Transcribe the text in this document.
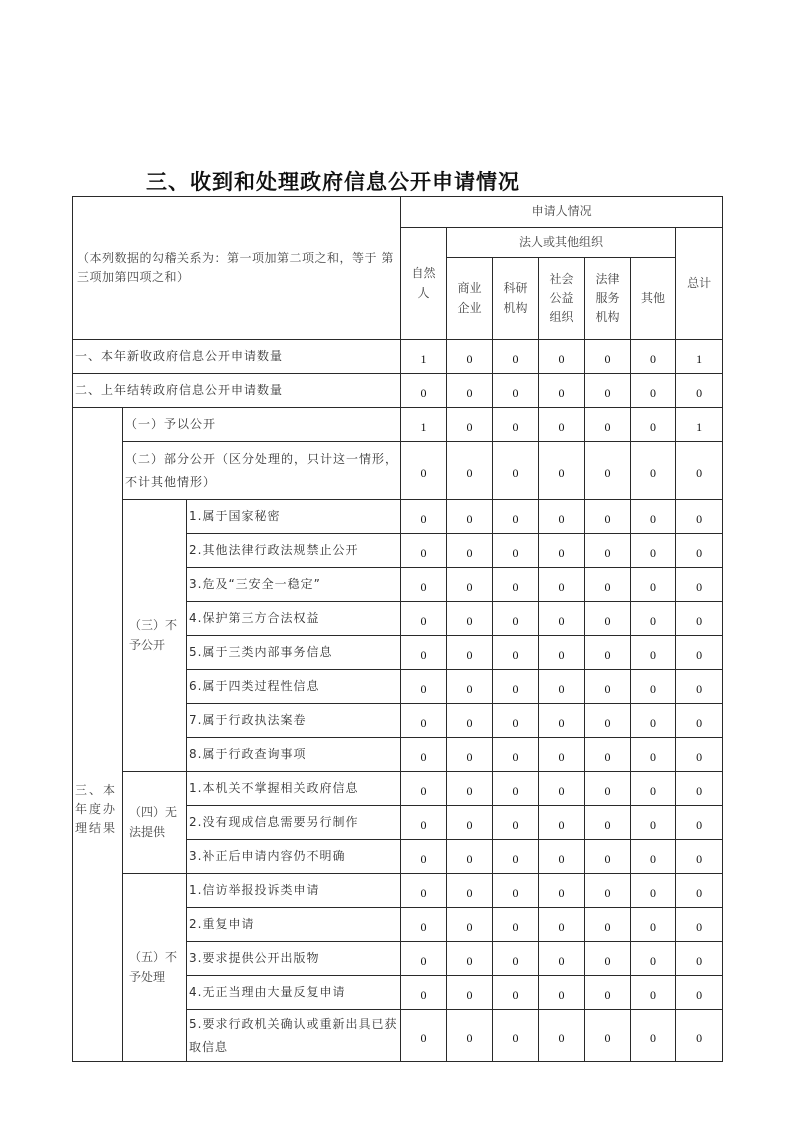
三、收到和处理政府信息公开申请情况
（本列数据的勾稽关系为：第一项加第二项之和，等于 第三项加第四项之和）			申请人情况						
			自然人	法人或其他组织					总计
				商业企业	科研机构	社会公益组织	法律服务机构	其他	
一、本年新收政府信息公开申请数量			1	0	0	0	0	0	1
二、上年结转政府信息公开申请数量			0	0	0	0	0	0	0
三、本年度办理结果	（一）予以公开		1	0	0	0	0	0	1
	（二）部分公开（区分处理的，只计这一情形，不计其他情形）		0	0	0	0	0	0	0
	（三）不予公开	1.属于国家秘密	0	0	0	0	0	0	0
		2.其他法律行政法规禁止公开	0	0	0	0	0	0	0
		3.危及“三安全一稳定”	0	0	0	0	0	0	0
		4.保护第三方合法权益	0	0	0	0	0	0	0
		5.属于三类内部事务信息	0	0	0	0	0	0	0
		6.属于四类过程性信息	0	0	0	0	0	0	0
		7.属于行政执法案卷	0	0	0	0	0	0	0
		8.属于行政查询事项	0	0	0	0	0	0	0
	（四）无法提供	1.本机关不掌握相关政府信息	0	0	0	0	0	0	0
		2.没有现成信息需要另行制作	0	0	0	0	0	0	0
		3.补正后申请内容仍不明确	0	0	0	0	0	0	0
	（五）不予处理	1.信访举报投诉类申请	0	0	0	0	0	0	0
		2.重复申请	0	0	0	0	0	0	0
		3.要求提供公开出版物	0	0	0	0	0	0	0
		4.无正当理由大量反复申请	0	0	0	0	0	0	0
		5.要求行政机关确认或重新出具已获取信息	0	0	0	0	0	0	0
